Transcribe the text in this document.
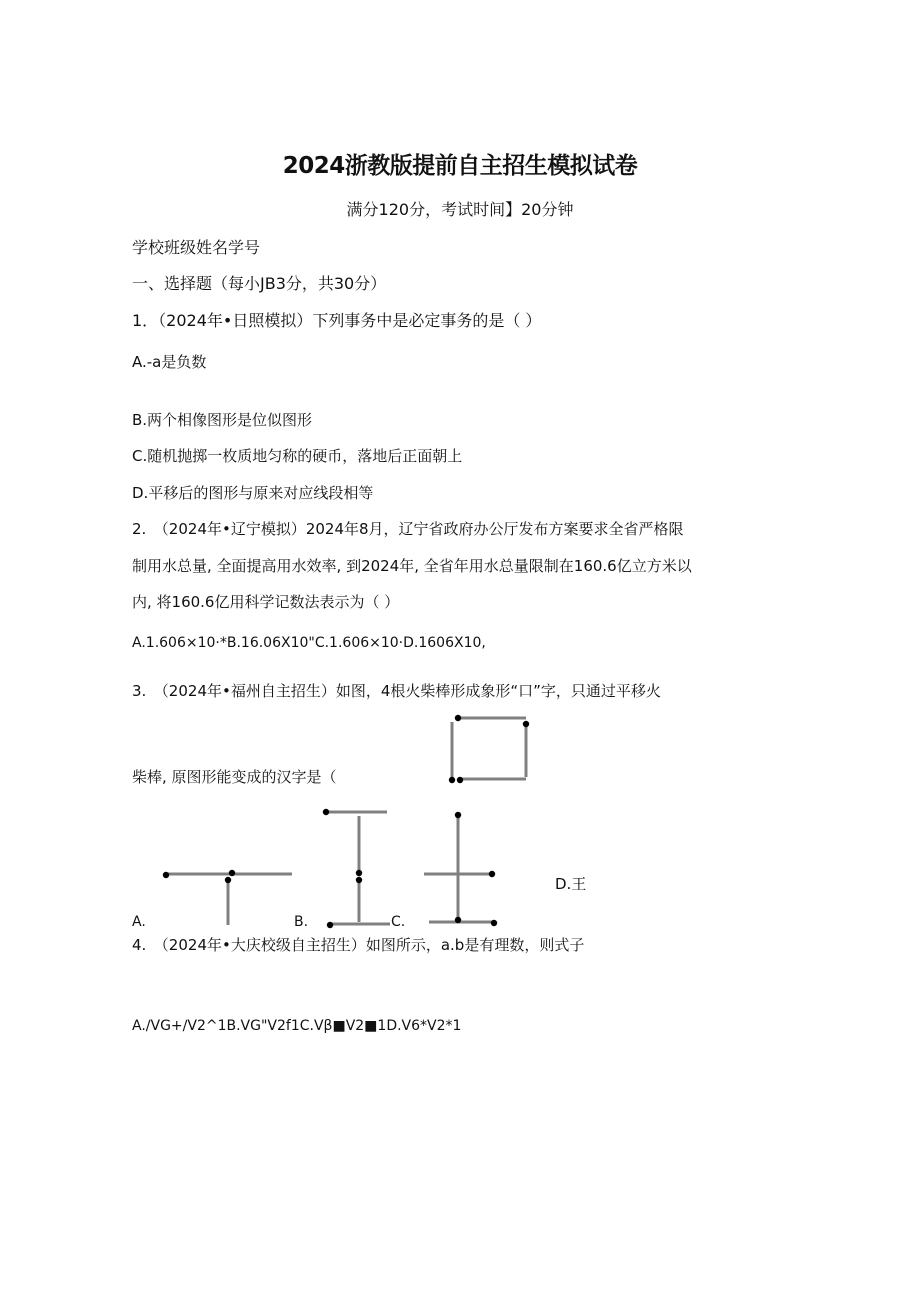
2024浙教版提前自主招生模拟试卷
满分120分，考试时间】20分钟
学校班级姓名学号
一、选择题（每小JB3分，共30分）
1．（2024年•日照模拟）下列事务中是必定事务的是（ ）
A.-a是负数
B.两个相像图形是位似图形
C.随机抛掷一枚质地匀称的硬币，落地后正面朝上
D.平移后的图形与原来对应线段相等
2.　（2024年•辽宁模拟）2024年8月，辽宁省政府办公厅发布方案要求全省严格限
制用水总量, 全面提高用水效率, 到2024年, 全省年用水总量限制在160.6亿立方米以
内, 将160.6亿用科学记数法表示为（ ）
A.1.606×10·*B.16.06X10"C.1.606×10·D.1606X10,
3.　（2024年•福州自主招生）如图，4根火柴棒形成象形“口”字，只通过平移火
柴棒, 原图形能变成的汉字是（
A.	B.	C.
D.王
4.　（2024年•大庆校级自主招生）如图所示，a.b是有理数，则式子
A.∕VG+∕V2^1B.VG"V2f1C.Vβ■V2■1D.V6*V2*1
